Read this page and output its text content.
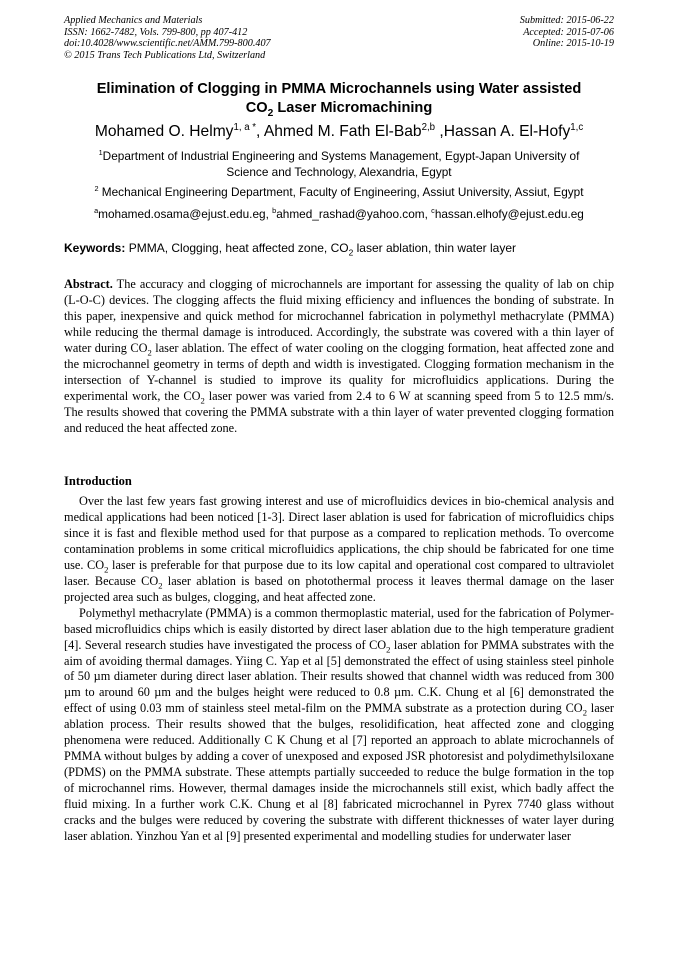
Applied Mechanics and Materials
ISSN: 1662-7482, Vols. 799-800, pp 407-412
doi:10.4028/www.scientific.net/AMM.799-800.407
© 2015 Trans Tech Publications Ltd, Switzerland
Submitted: 2015-06-22
Accepted: 2015-07-06
Online: 2015-10-19
Elimination of Clogging in PMMA Microchannels using Water assisted
$CO_2$ Laser Micromachining
Mohamed O. Helmy$^{1, a *}$, Ahmed M. Fath El-Bab$^{2,b}$ ,Hassan A. El-Hofy$^{1,c}$
$^1$Department of Industrial Engineering and Systems Management, Egypt-Japan University of
Science and Technology, Alexandria, Egypt
$^2$ Mechanical Engineering Department, Faculty of Engineering, Assiut University, Assiut, Egypt
$^a$mohamed.osama@ejust.edu.eg, $^b$ahmed_rashad@yahoo.com, $^c$hassan.elhofy@ejust.edu.eg
Keywords: PMMA, Clogging, heat affected zone, $CO_2$ laser ablation, thin water layer
Abstract. The accuracy and clogging of microchannels are important for assessing the quality of lab on chip (L-O-C) devices. The clogging affects the fluid mixing efficiency and influences the bonding of substrate. In this paper, inexpensive and quick method for microchannel fabrication in polymethyl methacrylate (PMMA) while reducing the thermal damage is introduced. Accordingly, the substrate was covered with a thin layer of water during $CO_2$ laser ablation. The effect of water cooling on the clogging formation, heat affected zone and the microchannel geometry in terms of depth and width is investigated. Clogging formation mechanism in the intersection of Y-channel is studied to improve its quality for microfluidics applications. During the experimental work, the $CO_2$ laser power was varied from 2.4 to 6 W at scanning speed from 5 to 12.5 mm/s. The results showed that covering the PMMA substrate with a thin layer of water prevented clogging formation and reduced the heat affected zone.
Introduction

Over the last few years fast growing interest and use of microfluidics devices in bio-chemical analysis and medical applications had been noticed [1-3]. Direct laser ablation is used for fabrication of microfluidics chips since it is fast and flexible method used for that purpose as a compared to replication methods. To overcome contamination problems in some critical microfluidics applications, the chip should be fabricated for one time use. $CO_2$ laser is preferable for that purpose due to its low capital and operational cost compared to ultraviolet laser. Because $CO_2$ laser ablation is based on photothermal process it leaves thermal damage on the laser projected area such as bulges, clogging, and heat affected zone.

Polymethyl methacrylate (PMMA) is a common thermoplastic material, used for the fabrication of Polymer- based microfluidics chips which is easily distorted by direct laser ablation due to the high temperature gradient [4]. Several research studies have investigated the process of $CO_2$ laser ablation for PMMA substrates with the aim of avoiding thermal damages. Yiing C. Yap et al [5] demonstrated the effect of using stainless steel pinhole of 50 µm diameter during direct laser ablation. Their results showed that channel width was reduced from 300 µm to around 60 µm and the bulges height were reduced to 0.8 µm. C.K. Chung et al [6] demonstrated the effect of using 0.03 mm of stainless steel metal-film on the PMMA substrate as a protection during $CO_2$ laser ablation process. Their results showed that the bulges, resolidification, heat affected zone and clogging phenomena were reduced. Additionally C K Chung et al [7] reported an approach to ablate microchannels of PMMA without bulges by adding a cover of unexposed and exposed JSR photoresist and polydimethylsiloxane (PDMS) on the PMMA substrate. These attempts partially succeeded to reduce the bulge formation in the top of microchannel rims. However, thermal damages inside the microchannels still exist, which badly affect the fluid mixing. In a further work C.K. Chung et al [8] fabricated microchannel in Pyrex 7740 glass without cracks and the bulges were reduced by covering the substrate with different thicknesses of water layer during laser ablation. Yinzhou Yan et al [9] presented experimental and modelling studies for underwater laser
